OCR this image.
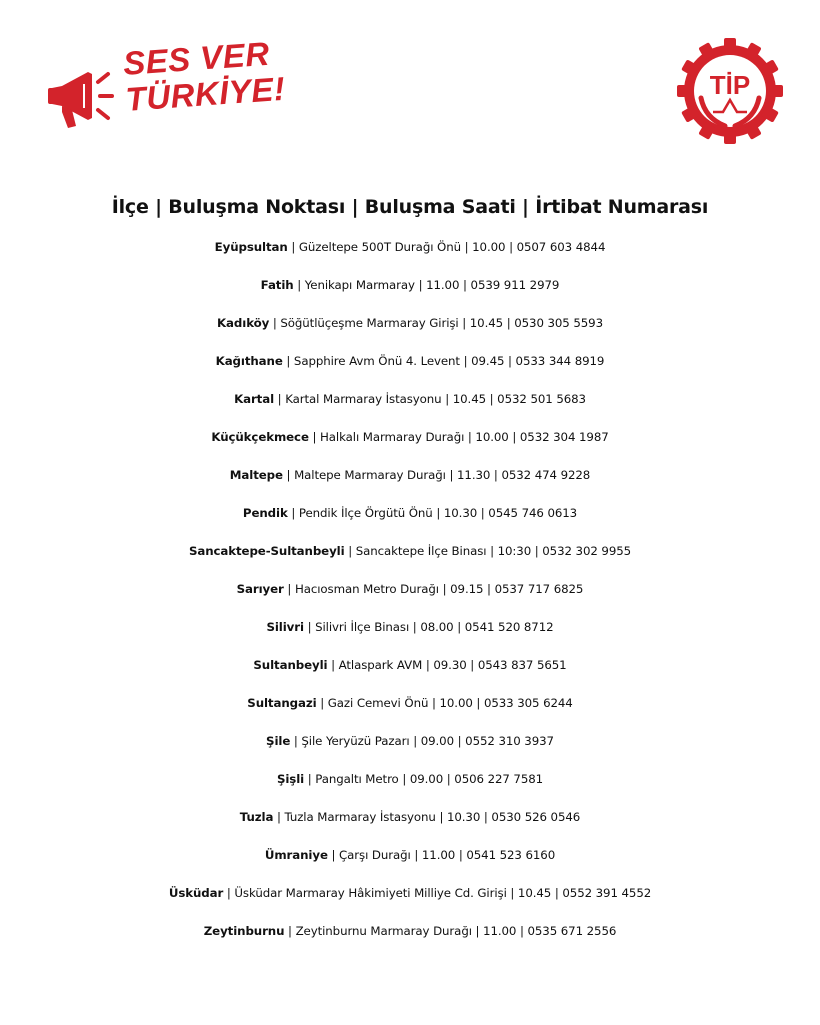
SES VER
TÜRKİYE!	TİP
İlçe | Buluşma Noktası | Buluşma Saati | İrtibat Numarası
Eyüpsultan | Güzeltepe 500T Durağı Önü | 10.00 | 0507 603 4844
Fatih | Yenikapı Marmaray | 11.00 | 0539 911 2979
Kadıköy | Söğütlüçeşme Marmaray Girişi | 10.45 | 0530 305 5593
Kağıthane | Sapphire Avm Önü 4. Levent | 09.45 | 0533 344 8919
Kartal | Kartal Marmaray İstasyonu | 10.45 | 0532 501 5683
Küçükçekmece | Halkalı Marmaray Durağı | 10.00 | 0532 304 1987
Maltepe | Maltepe Marmaray Durağı | 11.30 | 0532 474 9228
Pendik | Pendik İlçe Örgütü Önü | 10.30 | 0545 746 0613
Sancaktepe-Sultanbeyli | Sancaktepe İlçe Binası | 10:30 | 0532 302 9955
Sarıyer | Hacıosman Metro Durağı | 09.15 | 0537 717 6825
Silivri | Silivri İlçe Binası | 08.00 | 0541 520 8712
Sultanbeyli | Atlaspark AVM | 09.30 | 0543 837 5651
Sultangazi | Gazi Cemevi Önü | 10.00 | 0533 305 6244
Şile | Şile Yeryüzü Pazarı | 09.00 | 0552 310 3937
Şişli | Pangaltı Metro | 09.00 | 0506 227 7581
Tuzla | Tuzla Marmaray İstasyonu | 10.30 | 0530 526 0546
Ümraniye | Çarşı Durağı | 11.00 | 0541 523 6160
Üsküdar | Üsküdar Marmaray Hâkimiyeti Milliye Cd. Girişi | 10.45 | 0552 391 4552
Zeytinburnu | Zeytinburnu Marmaray Durağı | 11.00 | 0535 671 2556
